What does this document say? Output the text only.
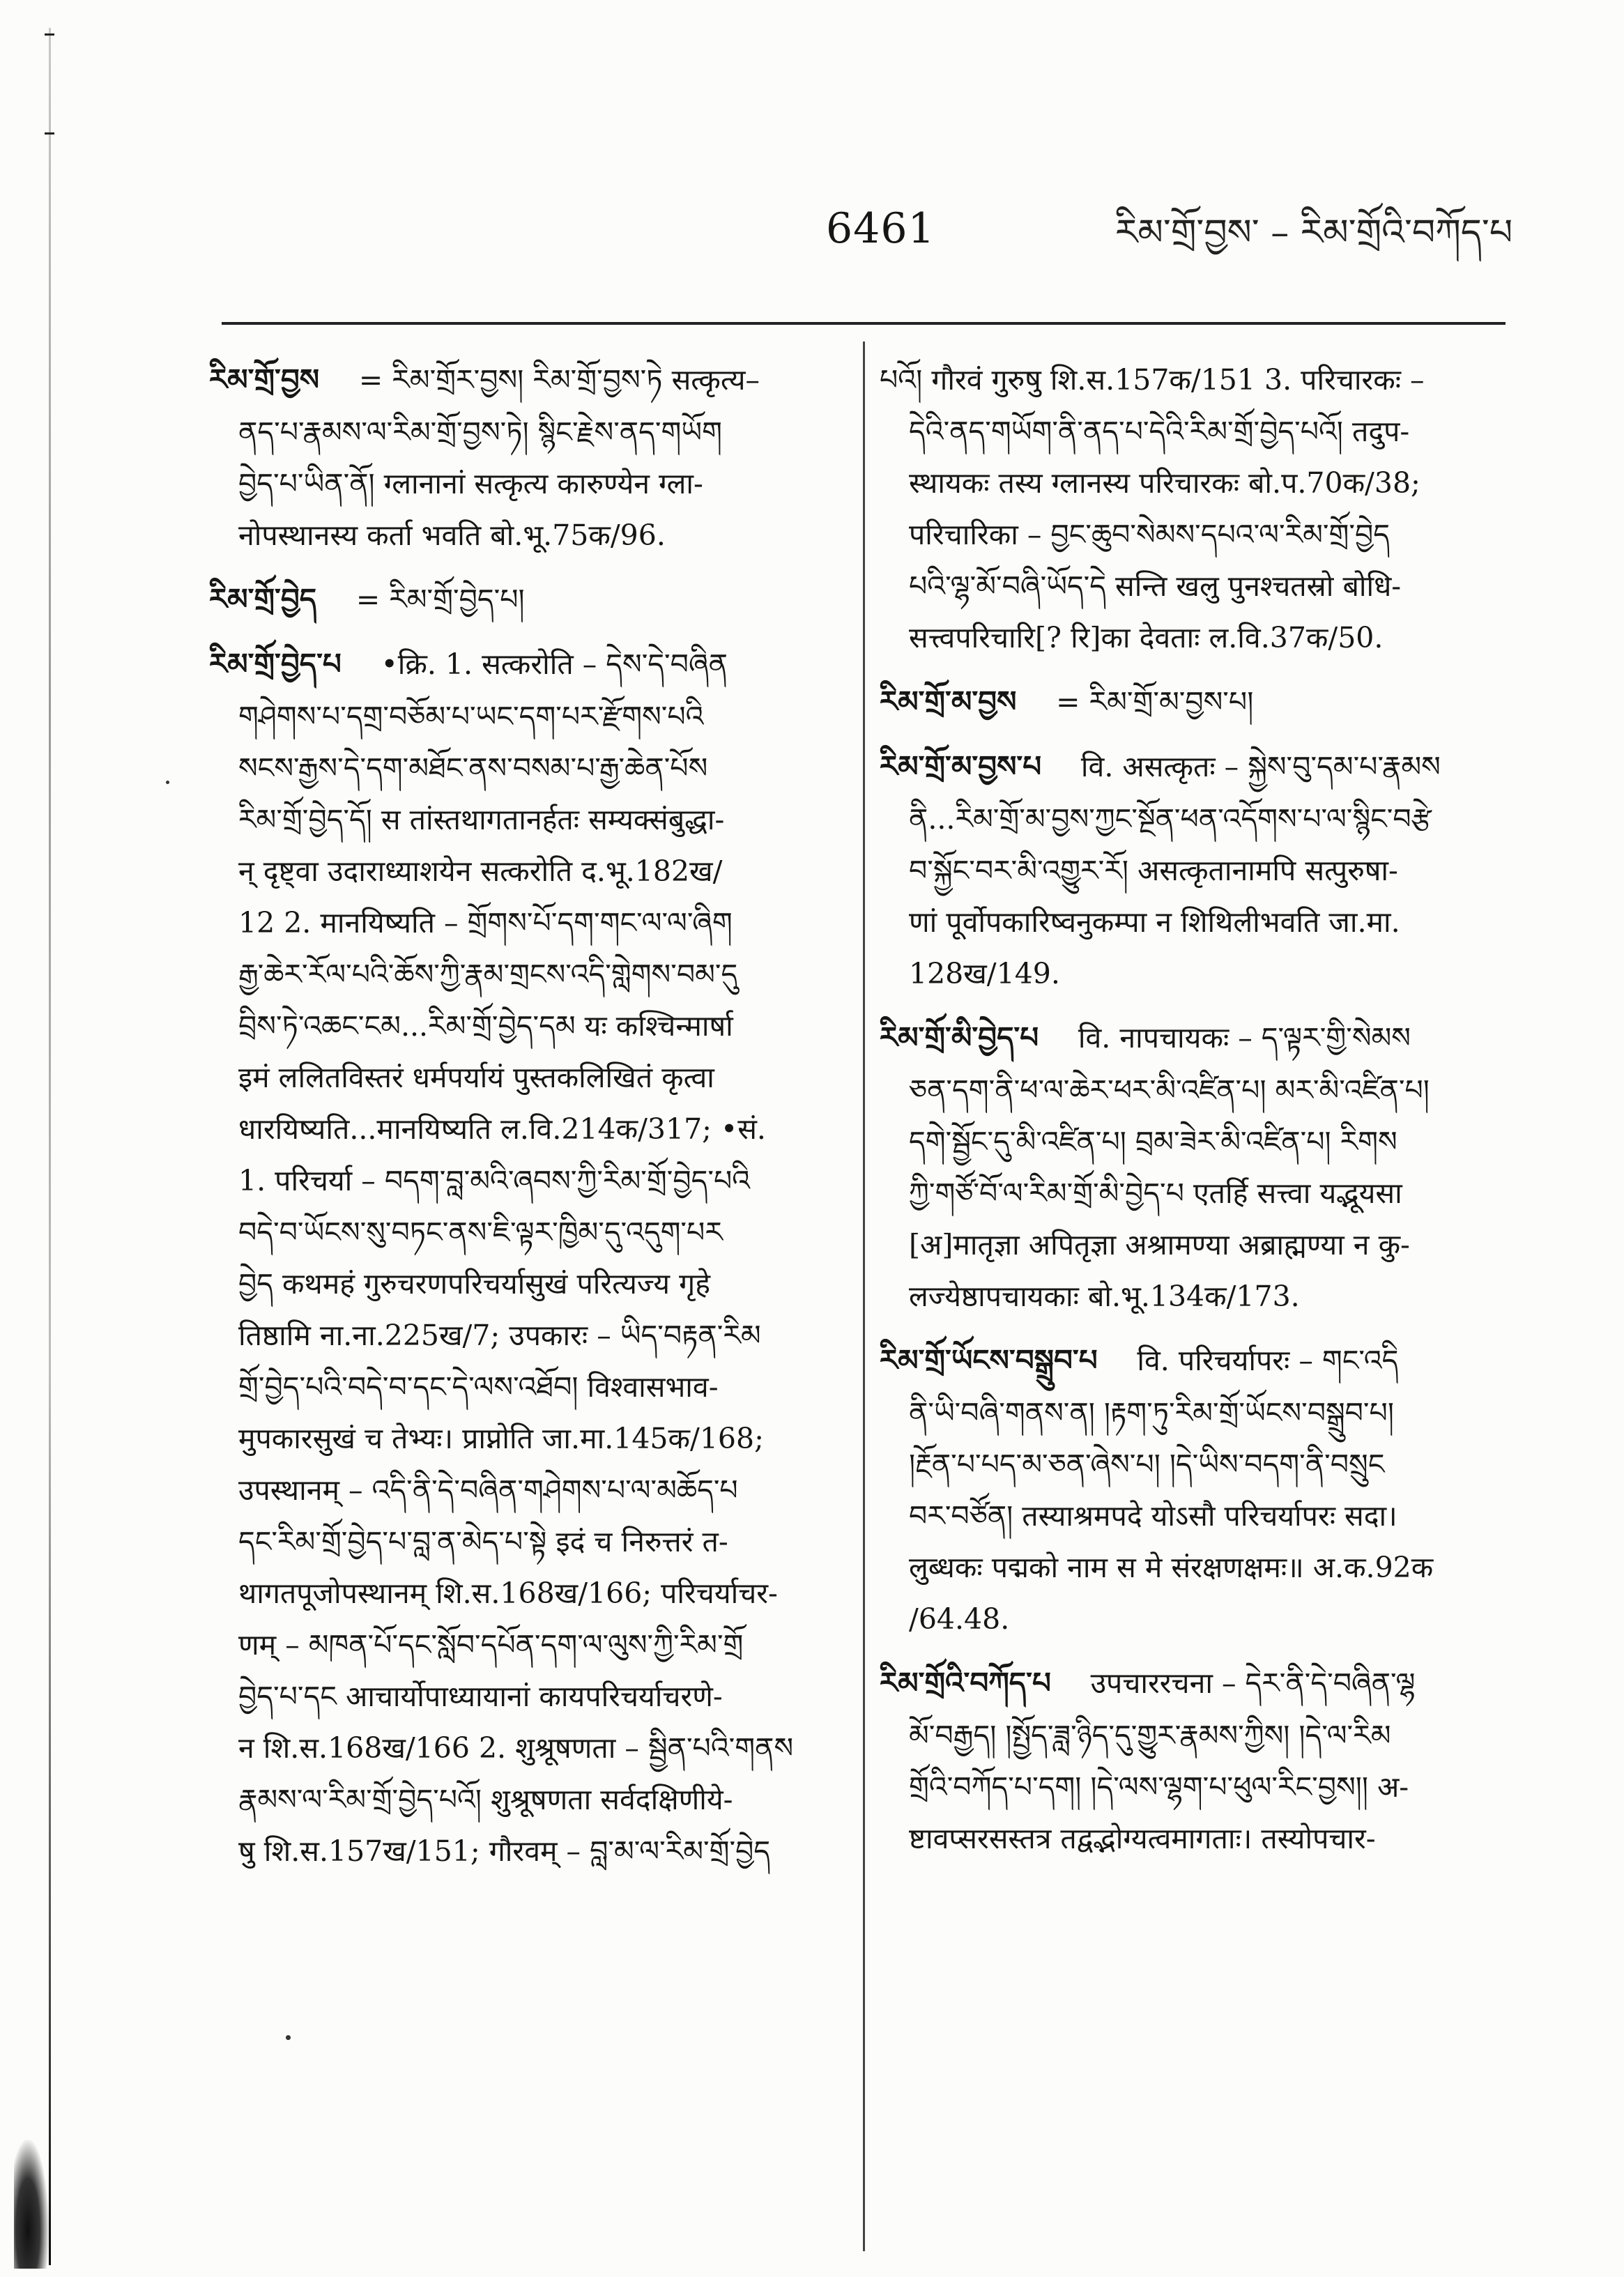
6461	རིམ་གྲོ་བྱས་ – རིམ་གྲོའི་བཀོད་པ

རིམ་གྲོ་བྱས = རིམ་གྲོར་བྱས། རིམ་གྲོ་བྱས་ཏེ सत्कृत्य–

ནད་པ་རྣམས་ལ་རིམ་གྲོ་བྱས་ཏེ། སྙིང་རྗེས་ནད་གཡོག

བྱེད་པ་ཡིན་ནོ། ग्लानानां सत्कृत्य कारुण्येन ग्ला-

नोपस्थानस्य कर्ता भवति बो.भू.75क/96.

རིམ་གྲོ་བྱེད = རིམ་གྲོ་བྱེད་པ།

རིམ་གྲོ་བྱེད་པ •क्रि. 1. सत्करोति – དེས་དེ་བཞིན

གཤེགས་པ་དགྲ་བཅོམ་པ་ཡང་དག་པར་རྫོགས་པའི

སངས་རྒྱས་དེ་དག་མཐོང་ནས་བསམ་པ་རྒྱ་ཆེན་པོས

རིམ་གྲོ་བྱེད་དོ། स तांस्तथागतानर्हतः सम्यक्संबुद्धा-

न् दृष्ट्वा उदाराध्याशयेन सत्करोति द.भू.182ख/

12 2. मानयिष्यति – གྲོགས་པོ་དག་གང་ལ་ལ་ཞིག

རྒྱ་ཆེར་རོལ་པའི་ཆོས་ཀྱི་རྣམ་གྲངས་འདི་གླེགས་བམ་དུ

བྲིས་ཏེ་འཆང་ངམ...རིམ་གྲོ་བྱེད་དམ यः कश्चिन्मार्षा

इमं ललितविस्तरं धर्मपर्यायं पुस्तकलिखितं कृत्वा

धारयिष्यति...मानयिष्यति ल.वि.214क/317; •सं.

1. परिचर्या – བདག་བླ་མའི་ཞབས་ཀྱི་རིམ་གྲོ་བྱེད་པའི

བདེ་བ་ཡོངས་སུ་བཏང་ནས་ཇི་ལྟར་ཁྱིམ་དུ་འདུག་པར

བྱེད कथमहं गुरुचरणपरिचर्यासुखं परित्यज्य गृहे

तिष्ठामि ना.ना.225ख/7; उपकारः – ཡིད་བརྟན་རིམ

གྲོ་བྱེད་པའི་བདེ་བ་དང་དེ་ལས་འཐོབ། विश्वासभाव-

मुपकारसुखं च तेभ्यः। प्राप्नोति जा.मा.145क/168;

उपस्थानम् – འདི་ནི་དེ་བཞིན་གཤེགས་པ་ལ་མཆོད་པ

དང་རིམ་གྲོ་བྱེད་པ་བླ་ན་མེད་པ་སྟེ इदं च निरुत्तरं त-

थागतपूजोपस्थानम् शि.स.168ख/166; परिचर्याचर-

णम् – མཁན་པོ་དང་སློབ་དཔོན་དག་ལ་ལུས་ཀྱི་རིམ་གྲོ

བྱེད་པ་དང आचार्योपाध्यायानां कायपरिचर्याचरणे-

न शि.स.168ख/166 2. शुश्रूषणता – སྦྱིན་པའི་གནས

རྣམས་ལ་རིམ་གྲོ་བྱེད་པའོ། शुश्रूषणता सर्वदक्षिणीये-

षु शि.स.157ख/151; गौरवम् – བླ་མ་ལ་རིམ་གྲོ་བྱེད

པའོ། गौरवं गुरुषु शि.स.157क/151 3. परिचारकः –

དེའི་ནད་གཡོག་ནི་ནད་པ་དེའི་རིམ་གྲོ་བྱེད་པའོ། तदुप-

स्थायकः तस्य ग्लानस्य परिचारकः बो.प.70क/38;

परिचारिका – བྱང་ཆུབ་སེམས་དཔའ་ལ་རིམ་གྲོ་བྱེད

པའི་ལྷ་མོ་བཞི་ཡོད་དེ सन्ति खलु पुनश्चतस्रो बोधि-

सत्त्वपरिचारि[? रि]का देवताः ल.वि.37क/50.

རིམ་གྲོ་མ་བྱས = རིམ་གྲོ་མ་བྱས་པ།

རིམ་གྲོ་མ་བྱས་པ वि. असत्कृतः – སྐྱེས་བུ་དམ་པ་རྣམས

ནི...རིམ་གྲོ་མ་བྱས་ཀྱང་སྔོན་ཕན་འདོགས་པ་ལ་སྙིང་བརྩེ

བ་སྐྱོང་བར་མི་འགྱུར་རོ། असत्कृतानामपि सत्पुरुषा-

णां पूर्वोपकारिष्वनुकम्पा न शिथिलीभवति जा.मा.

128ख/149.

རིམ་གྲོ་མི་བྱེད་པ वि. नापचायकः – ད་ལྟར་གྱི་སེམས

ཅན་དག་ནི་ཕ་ལ་ཆེར་ཕར་མི་འཛིན་པ། མར་མི་འཛིན་པ།

དགེ་སྦྱོང་དུ་མི་འཛིན་པ། བྲམ་ཟེར་མི་འཛིན་པ། རིགས

ཀྱི་གཙོ་བོ་ལ་རིམ་གྲོ་མི་བྱེད་པ एतर्हि सत्त्वा यद्भूयसा

[अ]मातृज्ञा अपितृज्ञा अश्रामण्या अब्राह्मण्या न कु-

लज्येष्ठापचायकाः बो.भू.134क/173.

རིམ་གྲོ་ཡོངས་བསྒྲུབ་པ वि. परिचर्यापरः – གང་འདི

ནི་ཡི་བཞི་གནས་ན། །རྟག་ཏུ་རིམ་གྲོ་ཡོངས་བསྒྲུབ་པ།

།རྔོན་པ་པད་མ་ཅན་ཞེས་པ། །དེ་ཡིས་བདག་ནི་བསྲུང

བར་བཙོན། तस्याश्रमपदे योऽसौ परिचर्यापरः सदा।

लुब्धकः पद्मको नाम स मे संरक्षणक्षमः॥ अ.क.92क

/64.48.

རིམ་གྲོའི་བཀོད་པ उपचाररचना – དེར་ནི་དེ་བཞིན་ལྷ

མོ་བརྒྱད། །སྤྱོད་ཟླ་ཉིད་དུ་གྱུར་རྣམས་ཀྱིས། །དེ་ལ་རིམ

གྲོའི་བཀོད་པ་དག། །དེ་ལས་ལྷག་པ་ཕུལ་རིང་བྱས།། अ-

ष्टावप्सरसस्तत्र तद्वद्भोग्यत्वमागताः। तस्योपचार-
